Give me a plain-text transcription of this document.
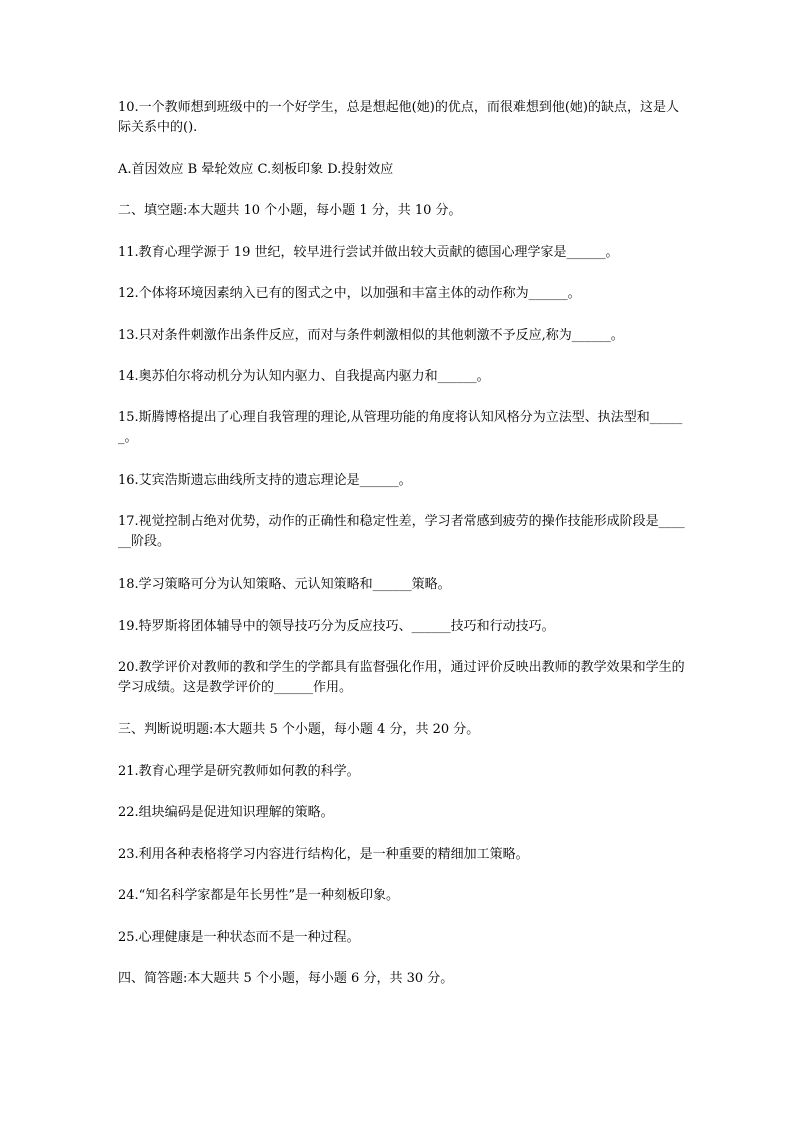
10.一个教师想到班级中的一个好学生，总是想起他(她)的优点，而很难想到他(她)的缺点，这是人际关系中的().
A.首因效应 B 晕轮效应 C.刻板印象 D.投射效应
二、填空题:本大题共 10 个小题，每小题 1 分，共 10 分。
11.教育心理学源于 19 世纪，较早进行尝试并做出较大贡献的德国心理学家是______。
12.个体将环境因素纳入已有的图式之中，以加强和丰富主体的动作称为______。
13.只对条件刺激作出条件反应，而对与条件刺激相似的其他刺激不予反应,称为______。
14.奥苏伯尔将动机分为认知内驱力、自我提高内驱力和______。
15.斯腾博格提出了心理自我管理的理论,从管理功能的角度将认知风格分为立法型、执法型和______。
16.艾宾浩斯遗忘曲线所支持的遗忘理论是______。
17.视觉控制占绝对优势，动作的正确性和稳定性差，学习者常感到疲劳的操作技能形成阶段是______阶段。
18.学习策略可分为认知策略、元认知策略和______策略。
19.特罗斯将团体辅导中的领导技巧分为反应技巧、______技巧和行动技巧。
20.教学评价对教师的教和学生的学都具有监督强化作用，通过评价反映出教师的教学效果和学生的学习成绩。这是教学评价的______作用。
三、判断说明题:本大题共 5 个小题，每小题 4 分，共 20 分。
21.教育心理学是研究教师如何教的科学。
22.组块编码是促进知识理解的策略。
23.利用各种表格将学习内容进行结构化，是一种重要的精细加工策略。
24.“知名科学家都是年长男性”是一种刻板印象。
25.心理健康是一种状态而不是一种过程。
四、简答题:本大题共 5 个小题，每小题 6 分，共 30 分。
